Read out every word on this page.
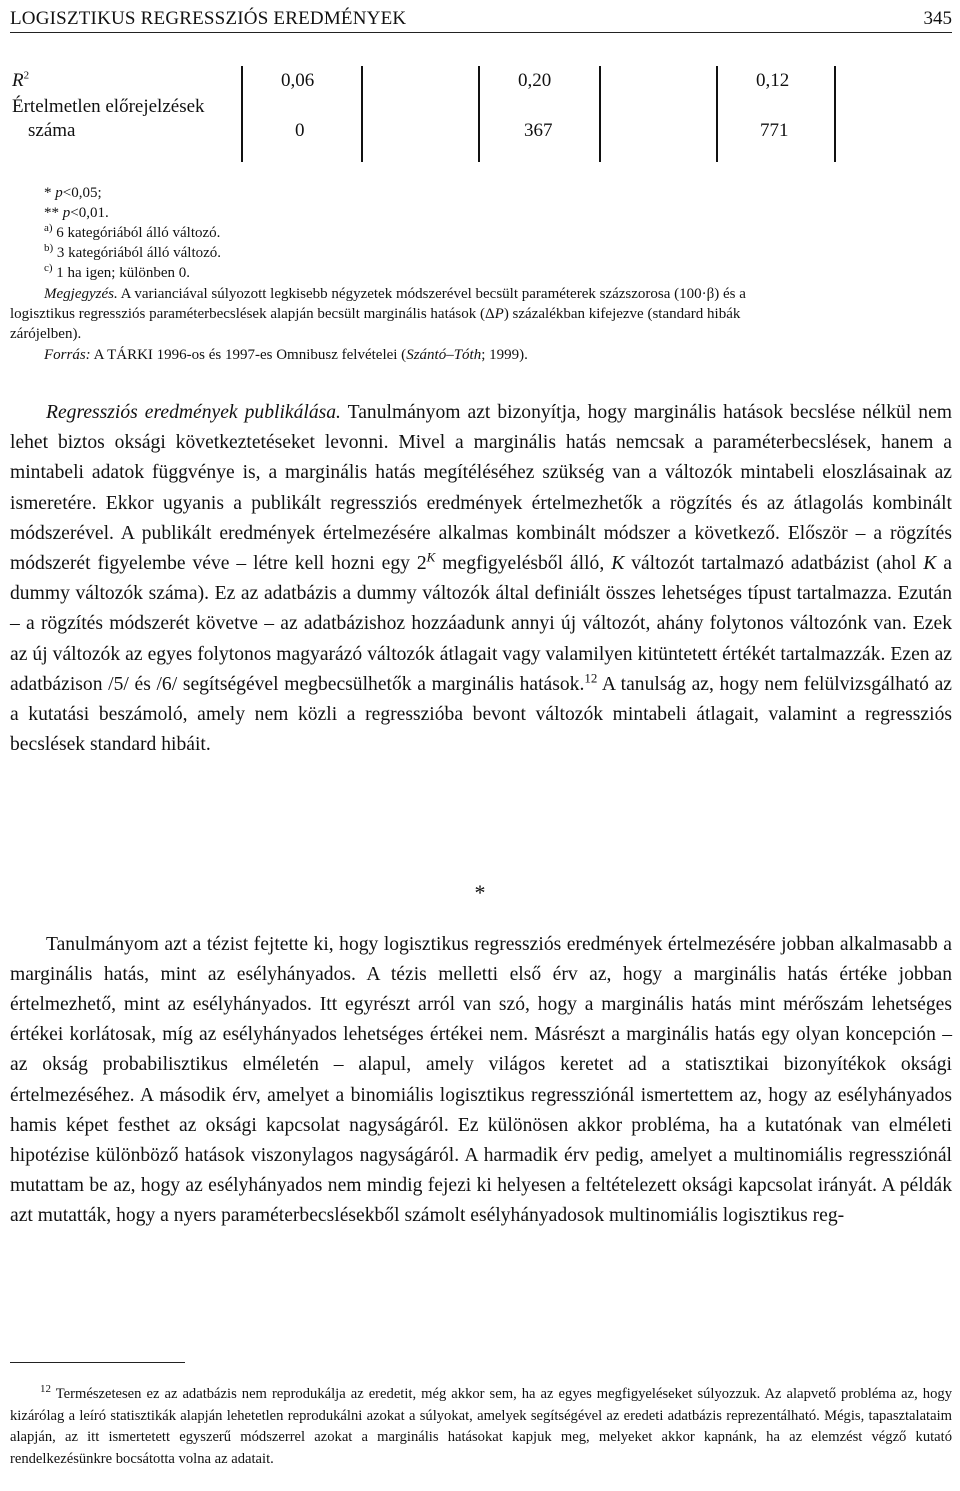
LOGISZTIKUS REGRESSZIÓS EREDMÉNYEK	345
$R^2$	0,06	0,20	0,12
Értelmetlen előrejelzések
száma	0	367	771
* p<0,05;
** p<0,01.
$^{a)}$ 6 kategóriából álló változó.
$^{b)}$ 3 kategóriából álló változó.
$^{c)}$ 1 ha igen; különben 0.
Megjegyzés. A varianciával súlyozott legkisebb négyzetek módszerével becsült paraméterek százszorosa (100·β) és a
logisztikus regressziós paraméterbecslések alapján becsült marginális hatások (ΔP) százalékban kifejezve (standard hibák
zárójelben).
Forrás: A TÁRKI 1996-os és 1997-es Omnibusz felvételei (Szántó–Tóth; 1999).

Regressziós eredmények publikálása. Tanulmányom azt bizonyítja, hogy marginális hatások becslése nélkül nem lehet biztos oksági következtetéseket levonni. Mivel a marginális hatás nemcsak a paraméterbecslések, hanem a mintabeli adatok függvénye is, a marginális hatás megítéléséhez szükség van a változók mintabeli eloszlásainak az ismeretére. Ekkor ugyanis a publikált regressziós eredmények értelmezhetők a rögzítés és az átlagolás kombinált módszerével. A publikált eredmények értelmezésére alkalmas kombinált módszer a következő. Először – a rögzítés módszerét figyelembe véve – létre kell hozni egy $2^K$ megfigyelésből álló, K változót tartalmazó adatbázist (ahol K a dummy változók száma). Ez az adatbázis a dummy változók által definiált összes lehetséges típust tartalmazza. Ezután – a rögzítés módszerét követve – az adatbázishoz hozzáadunk annyi új változót, ahány folytonos változónk van. Ezek az új változók az egyes folytonos magyarázó változók átlagait vagy valamilyen kitüntetett értékét tartalmazzák. Ezen az adatbázison /5/ és /6/ segítségével megbecsülhetők a marginális hatások.$^{12}$ A tanulság az, hogy nem felülvizsgálható az a kutatási beszámoló, amely nem közli a regresszióba bevont változók mintabeli átlagait, valamint a regressziós becslések standard hibáit.

*

Tanulmányom azt a tézist fejtette ki, hogy logisztikus regressziós eredmények értelmezésére jobban alkalmasabb a marginális hatás, mint az esélyhányados. A tézis melletti első érv az, hogy a marginális hatás értéke jobban értelmezhető, mint az esélyhányados. Itt egyrészt arról van szó, hogy a marginális hatás mint mérőszám lehetséges értékei korlátosak, míg az esélyhányados lehetséges értékei nem. Másrészt a marginális hatás egy olyan koncepción – az okság probabilisztikus elméletén – alapul, amely világos keretet ad a statisztikai bizonyítékok oksági értelmezéséhez. A második érv, amelyet a binomiális logisztikus regressziónál ismertettem az, hogy az esélyhányados hamis képet festhet az oksági kapcsolat nagyságáról. Ez különösen akkor probléma, ha a kutatónak van elméleti hipotézise különböző hatások viszonylagos nagyságáról. A harmadik érv pedig, amelyet a multinomiális regressziónál mutattam be az, hogy az esélyhányados nem mindig fejezi ki helyesen a feltételezett oksági kapcsolat irányát. A példák azt mutatták, hogy a nyers paraméterbecslésekből számolt esélyhányadosok multinomiális logisztikus reg-

$^{12}$ Természetesen ez az adatbázis nem reprodukálja az eredetit, még akkor sem, ha az egyes megfigyeléseket súlyozzuk. Az alapvető probléma az, hogy kizárólag a leíró statisztikák alapján lehetetlen reprodukálni azokat a súlyokat, amelyek segítségével az eredeti adatbázis reprezentálható. Mégis, tapasztalataim alapján, az itt ismertetett egyszerű módszerrel azokat a marginális hatásokat kapjuk meg, melyeket akkor kapnánk, ha az elemzést végző kutató rendelkezésünkre bocsátotta volna az adatait.
